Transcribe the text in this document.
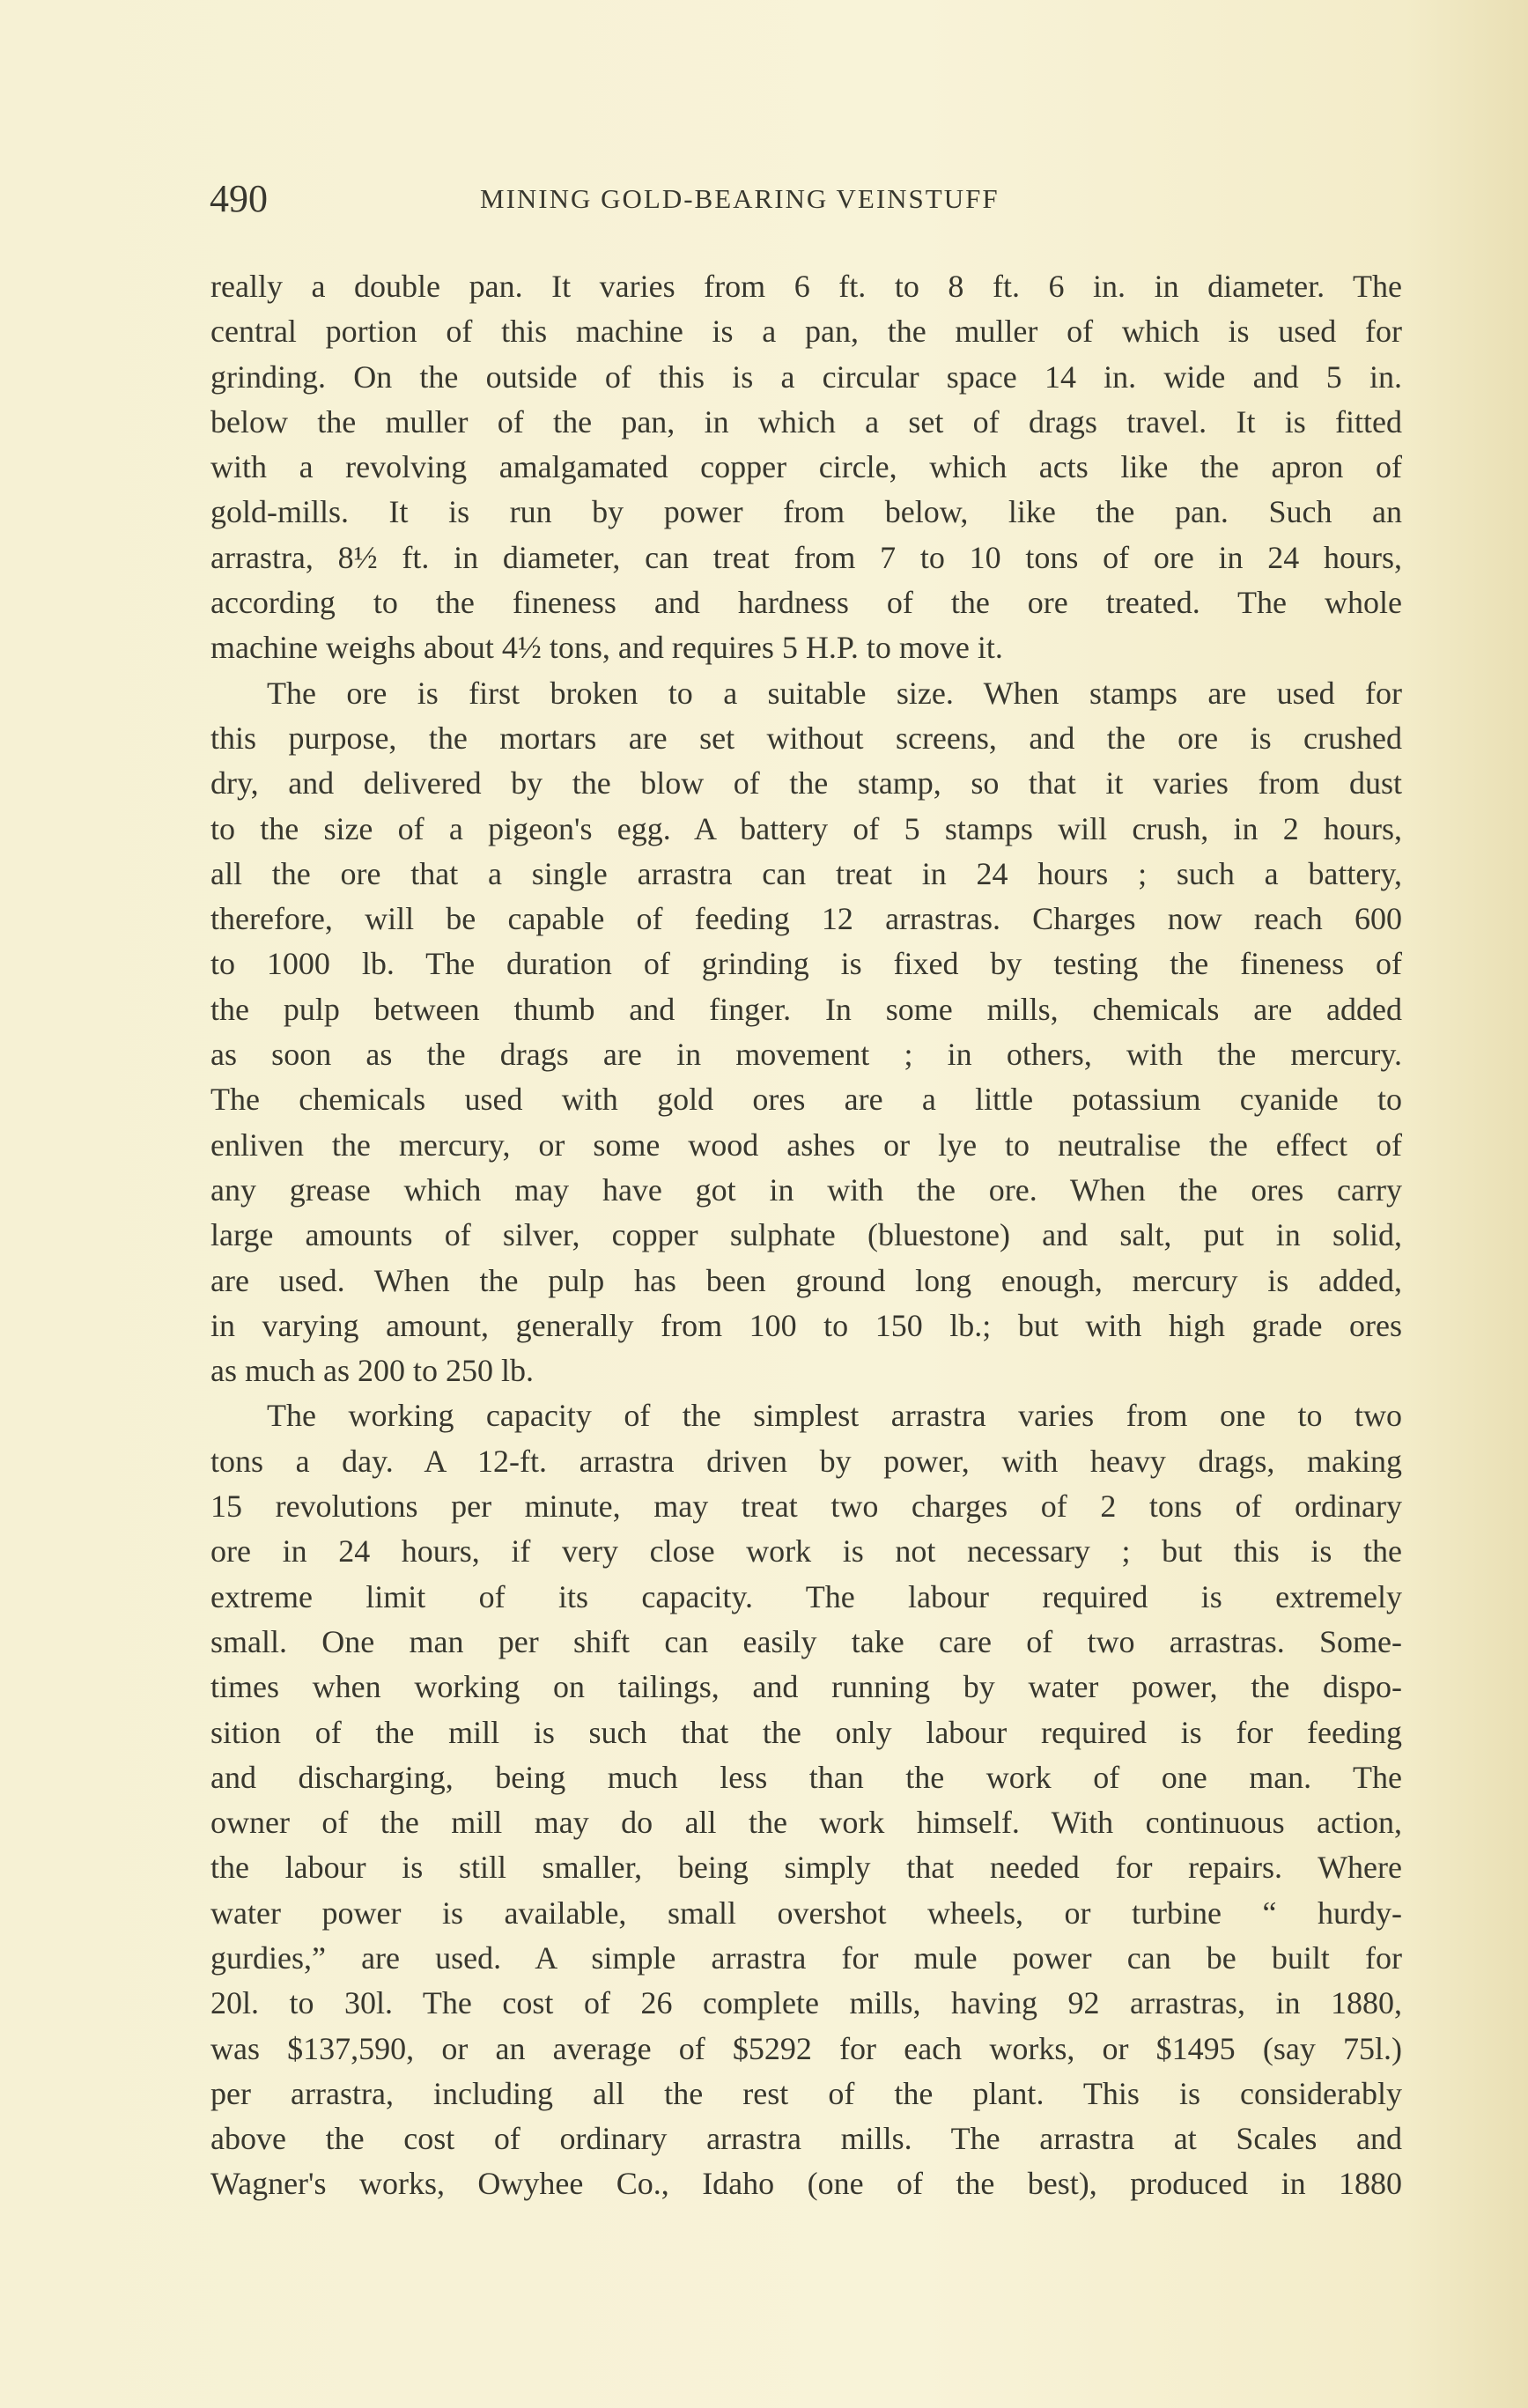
490	MINING GOLD-BEARING VEINSTUFF
really a double pan. It varies from 6 ft. to 8 ft. 6 in. in diameter. The
central portion of this machine is a pan, the muller of which is used for
grinding. On the outside of this is a circular space 14 in. wide and 5 in.
below the muller of the pan, in which a set of drags travel. It is fitted
with a revolving amalgamated copper circle, which acts like the apron of
gold-mills. It is run by power from below, like the pan. Such an
arrastra, 8½ ft. in diameter, can treat from 7 to 10 tons of ore in 24 hours,
according to the fineness and hardness of the ore treated. The whole
machine weighs about 4½ tons, and requires 5 H.P. to move it.
The ore is first broken to a suitable size. When stamps are used for
this purpose, the mortars are set without screens, and the ore is crushed
dry, and delivered by the blow of the stamp, so that it varies from dust
to the size of a pigeon's egg. A battery of 5 stamps will crush, in 2 hours,
all the ore that a single arrastra can treat in 24 hours ; such a battery,
therefore, will be capable of feeding 12 arrastras. Charges now reach 600
to 1000 lb. The duration of grinding is fixed by testing the fineness of
the pulp between thumb and finger. In some mills, chemicals are added
as soon as the drags are in movement ; in others, with the mercury.
The chemicals used with gold ores are a little potassium cyanide to
enliven the mercury, or some wood ashes or lye to neutralise the effect of
any grease which may have got in with the ore. When the ores carry
large amounts of silver, copper sulphate (bluestone) and salt, put in solid,
are used. When the pulp has been ground long enough, mercury is added,
in varying amount, generally from 100 to 150 lb.; but with high grade ores
as much as 200 to 250 lb.
The working capacity of the simplest arrastra varies from one to two
tons a day. A 12-ft. arrastra driven by power, with heavy drags, making
15 revolutions per minute, may treat two charges of 2 tons of ordinary
ore in 24 hours, if very close work is not necessary ; but this is the
extreme limit of its capacity. The labour required is extremely
small. One man per shift can easily take care of two arrastras. Some-
times when working on tailings, and running by water power, the dispo-
sition of the mill is such that the only labour required is for feeding
and discharging, being much less than the work of one man. The
owner of the mill may do all the work himself. With continuous action,
the labour is still smaller, being simply that needed for repairs. Where
water power is available, small overshot wheels, or turbine “ hurdy-
gurdies,” are used. A simple arrastra for mule power can be built for
20l. to 30l. The cost of 26 complete mills, having 92 arrastras, in 1880,
was $137,590, or an average of $5292 for each works, or $1495 (say 75l.)
per arrastra, including all the rest of the plant. This is considerably
above the cost of ordinary arrastra mills. The arrastra at Scales and
Wagner's works, Owyhee Co., Idaho (one of the best), produced in 1880
